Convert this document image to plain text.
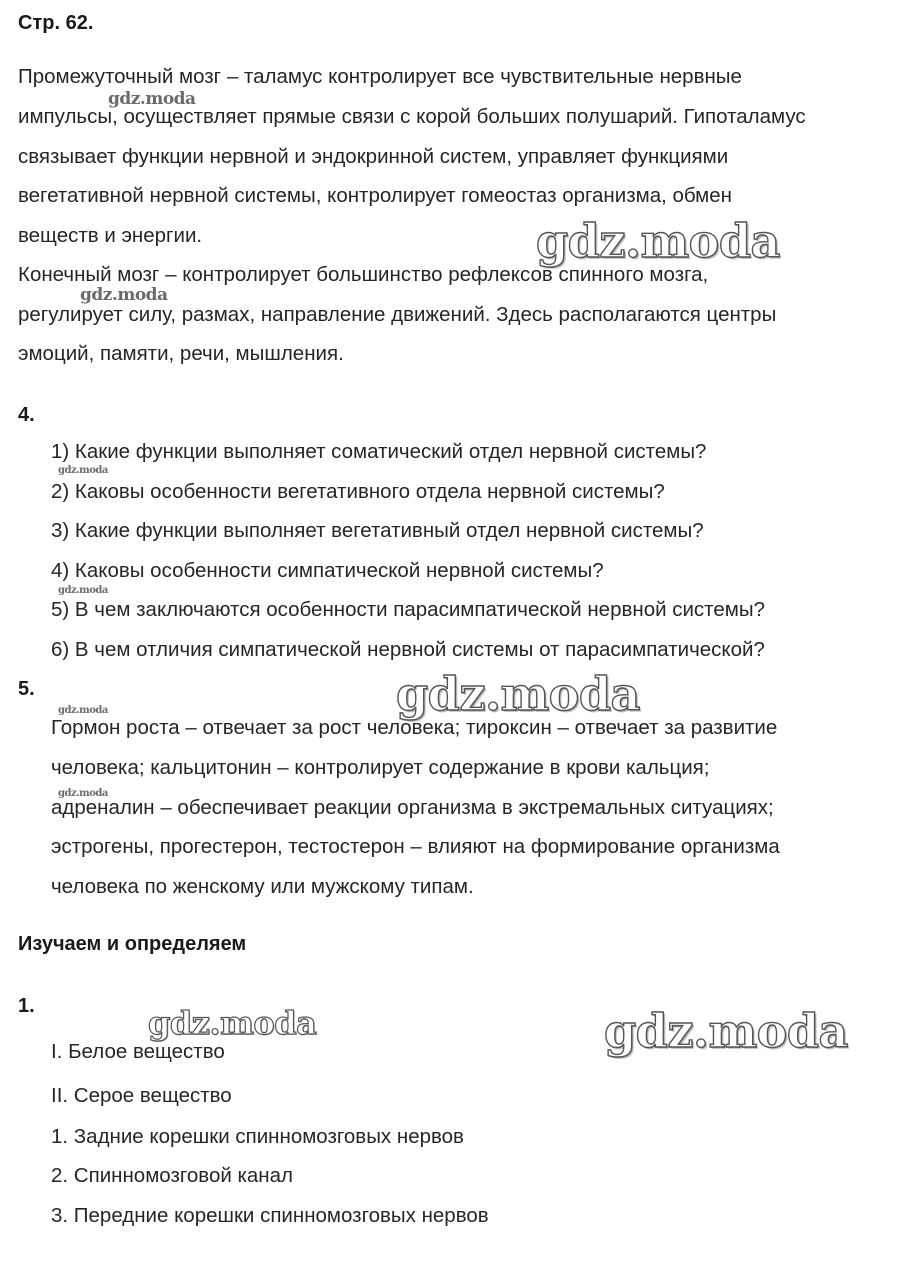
Стр. 62.
Промежуточный мозг – таламус контролирует все чувствительные нервные
импульсы, осуществляет прямые связи с корой больших полушарий. Гипоталамус
связывает функции нервной и эндокринной систем, управляет функциями
вегетативной нервной системы, контролирует гомеостаз организма, обмен
веществ и энергии.
Конечный мозг – контролирует большинство рефлексов спинного мозга,
регулирует силу, размах, направление движений. Здесь располагаются центры
эмоций, памяти, речи, мышления.
4.
1) Какие функции выполняет соматический отдел нервной системы?
2) Каковы особенности вегетативного отдела нервной системы?
3) Какие функции выполняет вегетативный отдел нервной системы?
4) Каковы особенности симпатической нервной системы?
5) В чем заключаются особенности парасимпатической нервной системы?
6) В чем отличия симпатической нервной системы от парасимпатической?
5.
Гормон роста – отвечает за рост человека; тироксин – отвечает за развитие
человека; кальцитонин – контролирует содержание в крови кальция;
адреналин – обеспечивает реакции организма в экстремальных ситуациях;
эстрогены, прогестерон, тестостерон – влияют на формирование организма
человека по женскому или мужскому типам.
Изучаем и определяем
1.
I. Белое вещество
II. Серое вещество
1. Задние корешки спинномозговых нервов
2. Спинномозговой канал
3. Передние корешки спинномозговых нервов
gdz.moda
gdz.moda
gdz.moda
gdz.moda
gdz.moda
gdz.moda
gdz.moda
gdz.moda
gdz.moda
gdz.moda
